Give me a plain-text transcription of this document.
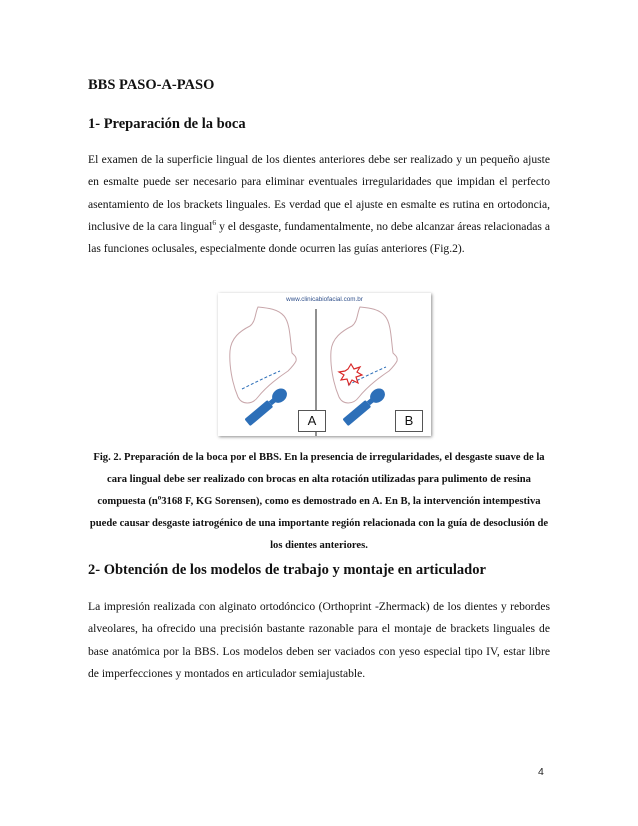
BBS PASO-A-PASO
1- Preparación de la boca
El examen de la superficie lingual de los dientes anteriores debe ser realizado y un pequeño ajuste en esmalte puede ser necesario para eliminar eventuales irregularidades que impidan el perfecto asentamiento de los brackets linguales. Es verdad que el ajuste en esmalte es rutina en ortodoncia, inclusive de la cara lingual$^6$ y el desgaste, fundamentalmente, no debe alcanzar áreas relacionadas a las funciones oclusales, especialmente donde ocurren las guías anteriores (Fig.2).
www.clinicabiofacial.com.br
A	B
Fig. 2. Preparación de la boca por el BBS. En la presencia de irregularidades, el desgaste suave de la cara lingual debe ser realizado con brocas en alta rotación utilizadas para pulimento de resina compuesta ($n^o3168$ F, KG Sorensen), como es demostrado en A. En B, la intervención intempestiva puede causar desgaste iatrogénico de una importante región relacionada con la guía de desoclusión de los dientes anteriores.
2- Obtención de los modelos de trabajo y montaje en articulador
La impresión realizada con alginato ortodóncico (Orthoprint -Zhermack) de los dientes y rebordes alveolares, ha ofrecido una precisión bastante razonable para el montaje de brackets linguales de base anatómica por la BBS. Los modelos deben ser vaciados con yeso especial tipo IV, estar libre de imperfecciones y montados en articulador semiajustable.
4
